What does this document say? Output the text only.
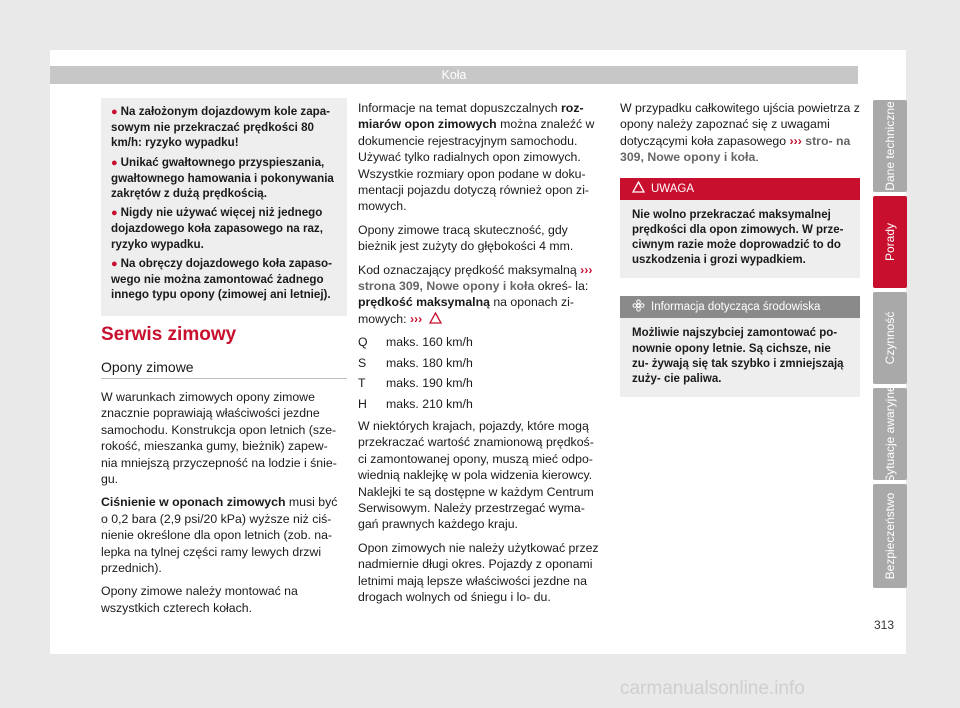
Koła
● Na założonym dojazdowym kole zapa- sowym nie przekraczać prędkości 80 km/h: ryzyko wypadku!
● Unikać gwałtownego przyspieszania, gwałtownego hamowania i pokonywania zakrętów z dużą prędkością.
● Nigdy nie używać więcej niż jednego dojazdowego koła zapasowego na raz, ryzyko wypadku.
● Na obręczy dojazdowego koła zapaso- wego nie można zamontować żadnego innego typu opony (zimowej ani letniej).
Serwis zimowy
Opony zimowe

W warunkach zimowych opony zimowe znacznie poprawiają właściwości jezdne samochodu. Konstrukcja opon letnich (sze- rokość, mieszanka gumy, bieżnik) zapew- nia mniejszą przyczepność na lodzie i śnie- gu.

Ciśnienie w oponach zimowych musi być o 0,2 bara (2,9 psi/20 kPa) wyższe niż ciś- nienie określone dla opon letnich (zob. na- lepka na tylnej części ramy lewych drzwi przednich).

Opony zimowe należy montować na wszystkich czterech kołach.

Informacje na temat dopuszczalnych roz- miarów opon zimowych można znaleźć w dokumencie rejestracyjnym samochodu. Używać tylko radialnych opon zimowych. Wszystkie rozmiary opon podane w doku- mentacji pojazdu dotyczą również opon zi- mowych.

Opony zimowe tracą skuteczność, gdy bieżnik jest zużyty do głębokości 4 mm.

Kod oznaczający prędkość maksymalną ››› strona 309, Nowe opony i koła okreś- la: prędkość maksymalną na oponach zi- mowych: ›››

Q	maks. 160 km/h
S	maks. 180 km/h
T	maks. 190 km/h
H	maks. 210 km/h

W niektórych krajach, pojazdy, które mogą przekraczać wartość znamionową prędkoś- ci zamontowanej opony, muszą mieć odpo- wiednią naklejkę w pola widzenia kierowcy. Naklejki te są dostępne w każdym Centrum Serwisowym. Należy przestrzegać wyma- gań prawnych każdego kraju.

Opon zimowych nie należy użytkować przez nadmiernie długi okres. Pojazdy z oponami letnimi mają lepsze właściwości jezdne na drogach wolnych od śniegu i lo- du.

W przypadku całkowitego ujścia powietrza z opony należy zapoznać się z uwagami dotyczącymi koła zapasowego ››› stro- na 309, Nowe opony i koła.

UWAGA
Nie wolno przekraczać maksymalnej prędkości dla opon zimowych. W prze- ciwnym razie może doprowadzić to do uszkodzenia i grozi wypadkiem.
Informacja dotycząca środowiska
Możliwie najszybciej zamontować po- nownie opony letnie. Są cichsze, nie zu- żywają się tak szybko i zmniejszają zuży- cie paliwa.
Dane techniczne
Porady
Czynność
Sytuacje awaryjne
Bezpieczeństwo
313
carmanualsonline.info
